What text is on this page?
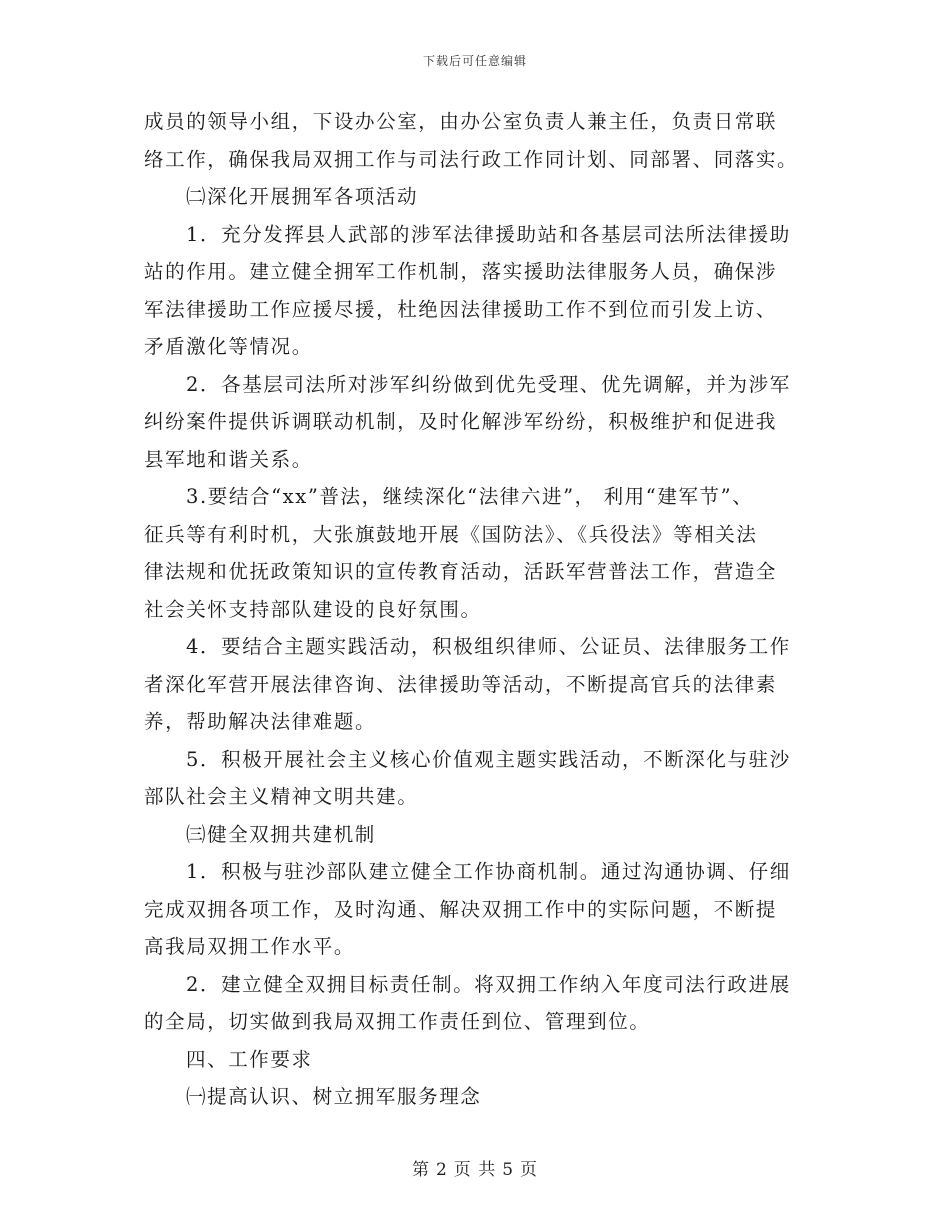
下载后可任意编辑
成员的领导小组，下设办公室，由办公室负责人兼主任，负责日常联
络工作，确保我局双拥工作与司法行政工作同计划、同部署、同落实。
㈡深化开展拥军各项活动
1．充分发挥县人武部的涉军法律援助站和各基层司法所法律援助
站的作用。建立健全拥军工作机制，落实援助法律服务人员，确保涉
军法律援助工作应援尽援，杜绝因法律援助工作不到位而引发上访、
矛盾激化等情况。
2．各基层司法所对涉军纠纷做到优先受理、优先调解，并为涉军
纠纷案件提供诉调联动机制，及时化解涉军纷纷，积极维护和促进我
县军地和谐关系。
3.要结合“xx”普法，继续深化“法律六进”， 利用“建军节”、
征兵等有利时机，大张旗鼓地开展《国防法》、《兵役法》等相关法
律法规和优抚政策知识的宣传教育活动，活跃军营普法工作，营造全
社会关怀支持部队建设的良好氛围。
4．要结合主题实践活动，积极组织律师、公证员、法律服务工作
者深化军营开展法律咨询、法律援助等活动，不断提高官兵的法律素
养，帮助解决法律难题。
5．积极开展社会主义核心价值观主题实践活动，不断深化与驻沙
部队社会主义精神文明共建。
㈢健全双拥共建机制
1．积极与驻沙部队建立健全工作协商机制。通过沟通协调、仔细
完成双拥各项工作，及时沟通、解决双拥工作中的实际问题，不断提
高我局双拥工作水平。
2．建立健全双拥目标责任制。将双拥工作纳入年度司法行政进展
的全局，切实做到我局双拥工作责任到位、管理到位。
四、工作要求
㈠提高认识、树立拥军服务理念
第 2 页 共 5 页
